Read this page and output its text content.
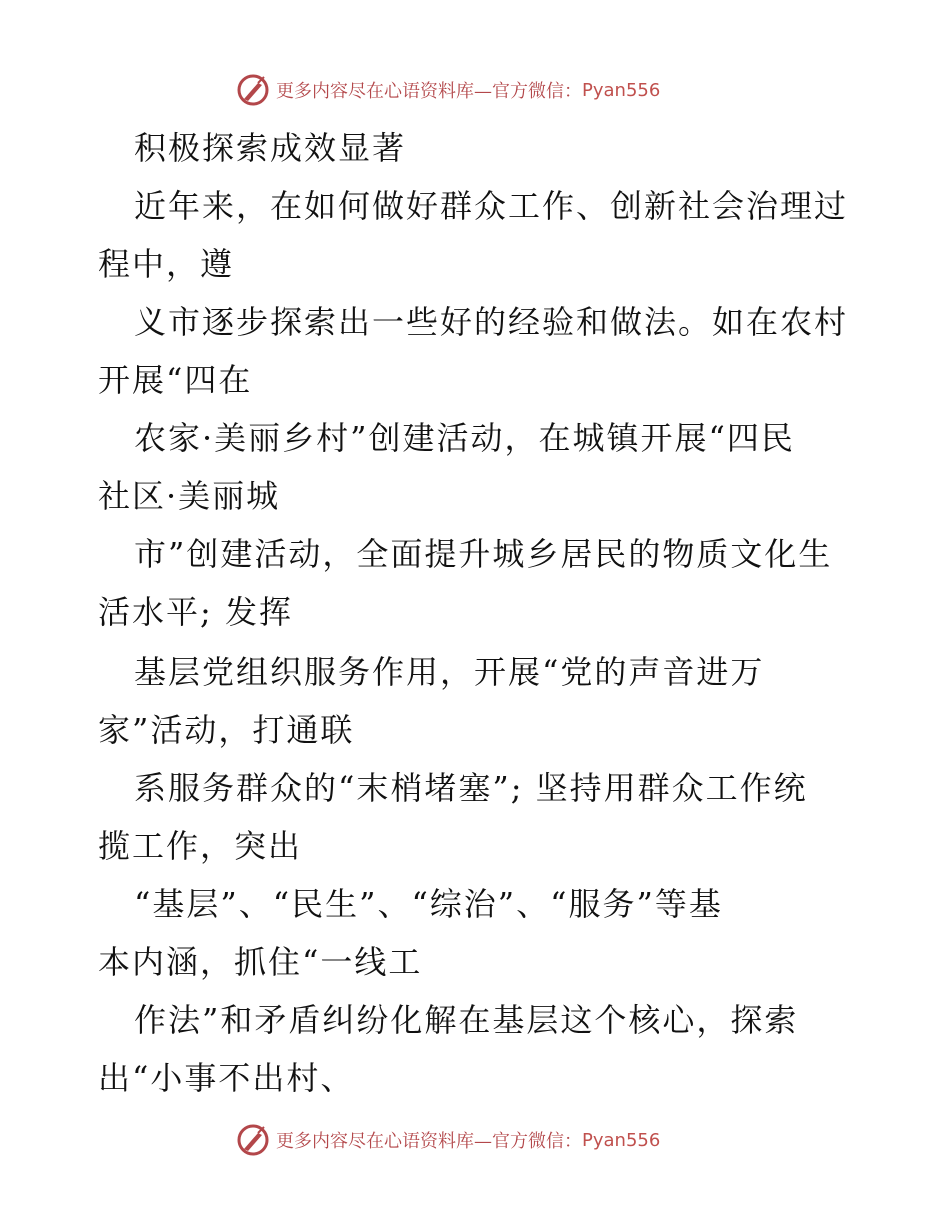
更多内容尽在心语资料库—官方微信： Pyan556
积极探索成效显著
近年来，在如何做好群众工作、创新社会治理过
程中，遵
义市逐步探索出一些好的经验和做法。如在农村
开展“四在
农家·美丽乡村”创建活动，在城镇开展“四民
社区·美丽城
市”创建活动，全面提升城乡居民的物质文化生
活水平; 发挥
基层党组织服务作用，开展“党的声音进万
家”活动，打通联
系服务群众的“末梢堵塞”; 坚持用群众工作统
揽工作，突出
“基层”、“民生”、“综治”、“服务”等基
本内涵，抓住“一线工
作法”和矛盾纠纷化解在基层这个核心，探索
出“小事不出村、
更多内容尽在心语资料库—官方微信： Pyan556
